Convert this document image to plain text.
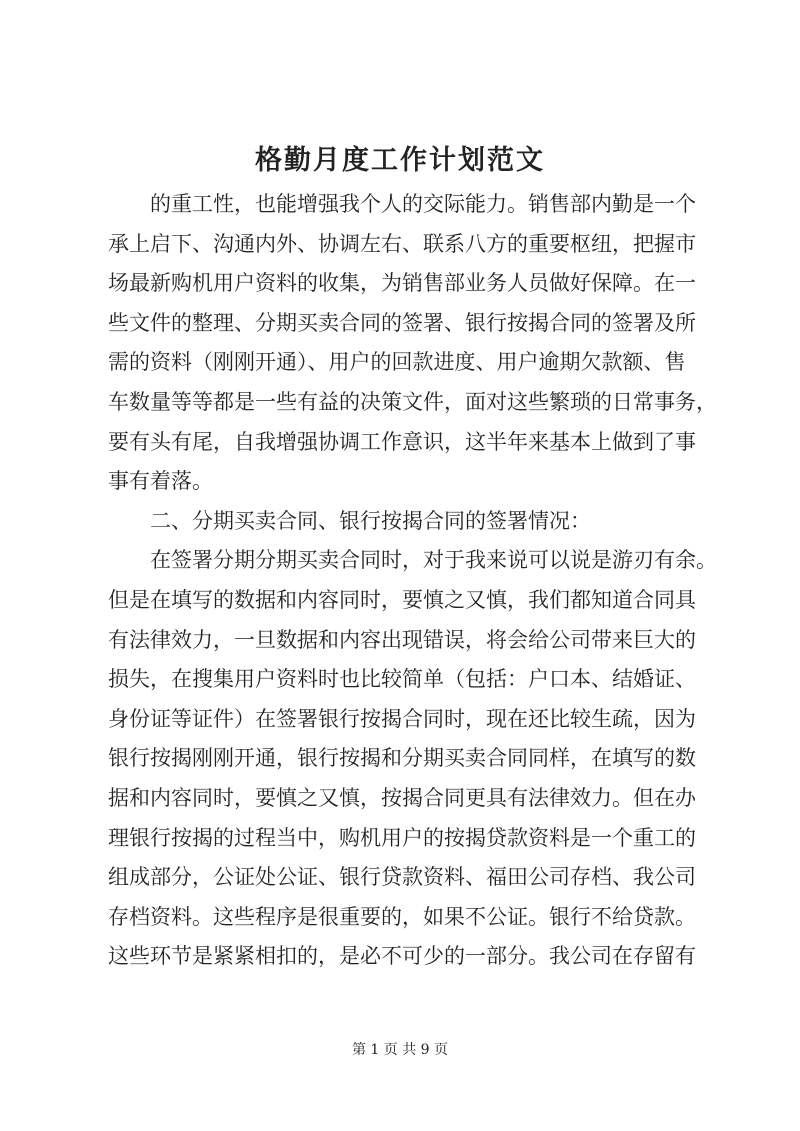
格勤月度工作计划范文
的重工性，也能增强我个人的交际能力。销售部内勤是一个
承上启下、沟通内外、协调左右、联系八方的重要枢纽，把握市
场最新购机用户资料的收集，为销售部业务人员做好保障。在一
些文件的整理、分期买卖合同的签署、银行按揭合同的签署及所
需的资料（刚刚开通）、用户的回款进度、用户逾期欠款额、售
车数量等等都是一些有益的决策文件，面对这些繁琐的日常事务，
要有头有尾，自我增强协调工作意识，这半年来基本上做到了事
事有着落。
二、分期买卖合同、银行按揭合同的签署情况：
在签署分期分期买卖合同时，对于我来说可以说是游刃有余。
但是在填写的数据和内容同时，要慎之又慎，我们都知道合同具
有法律效力，一旦数据和内容出现错误，将会给公司带来巨大的
损失，在搜集用户资料时也比较简单（包括：户口本、结婚证、
身份证等证件）在签署银行按揭合同时，现在还比较生疏，因为
银行按揭刚刚开通，银行按揭和分期买卖合同同样，在填写的数
据和内容同时，要慎之又慎，按揭合同更具有法律效力。但在办
理银行按揭的过程当中，购机用户的按揭贷款资料是一个重工的
组成部分，公证处公证、银行贷款资料、福田公司存档、我公司
存档资料。这些程序是很重要的，如果不公证。银行不给贷款。
这些环节是紧紧相扣的，是必不可少的一部分。我公司在存留有
第 1 页 共 9 页
